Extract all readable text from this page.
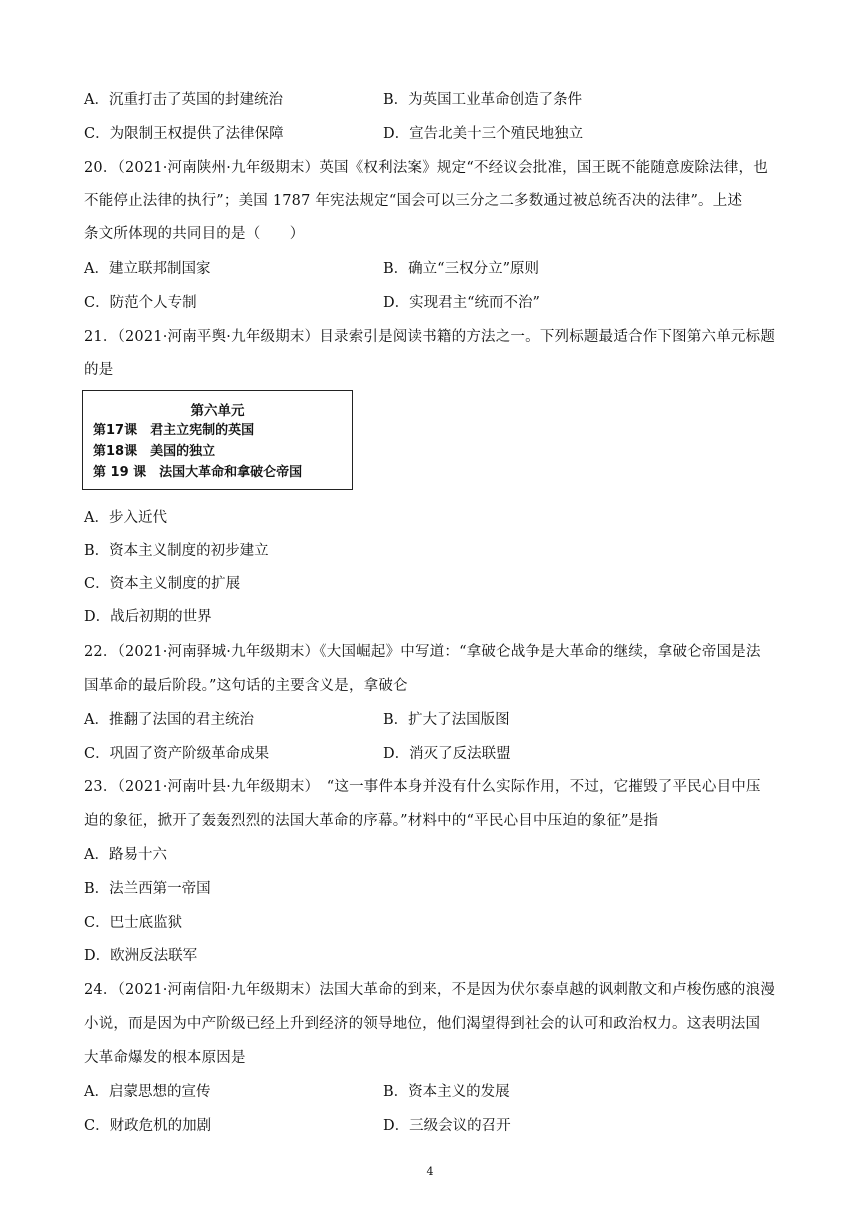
A．沉重打击了英国的封建统治	B．为英国工业革命创造了条件
C．为限制王权提供了法律保障	D．宣告北美十三个殖民地独立
20．（2021·河南陕州·九年级期末）英国《权利法案》规定“不经议会批准，国王既不能随意废除法律，也
不能停止法律的执行”；美国 1787 年宪法规定“国会可以三分之二多数通过被总统否决的法律”。上述
条文所体现的共同目的是（　　）
A．建立联邦制国家	B．确立“三权分立”原则
C．防范个人专制	D．实现君主“统而不治”
21．（2021·河南平舆·九年级期末）目录索引是阅读书籍的方法之一。下列标题最适合作下图第六单元标题
的是
第六单元
第17课　君主立宪制的英国
第18课　美国的独立
第 19 课　法国大革命和拿破仑帝国
A．步入近代
B．资本主义制度的初步建立
C．资本主义制度的扩展
D．战后初期的世界
22．（2021·河南驿城·九年级期末）《大国崛起》中写道：“拿破仑战争是大革命的继续，拿破仑帝国是法
国革命的最后阶段。”这句话的主要含义是，拿破仑
A．推翻了法国的君主统治	B．扩大了法国版图
C．巩固了资产阶级革命成果	D．消灭了反法联盟
23．（2021·河南叶县·九年级期末）　“这一事件本身并没有什么实际作用，不过，它摧毁了平民心目中压
迫的象征，掀开了轰轰烈烈的法国大革命的序幕。”材料中的“平民心目中压迫的象征”是指
A．路易十六
B．法兰西第一帝国
C．巴士底监狱
D．欧洲反法联军
24．（2021·河南信阳·九年级期末）法国大革命的到来，不是因为伏尔泰卓越的讽刺散文和卢梭伤感的浪漫
小说，而是因为中产阶级已经上升到经济的领导地位，他们渴望得到社会的认可和政治权力。这表明法国
大革命爆发的根本原因是
A．启蒙思想的宣传	B．资本主义的发展
C．财政危机的加剧	D．三级会议的召开
4
